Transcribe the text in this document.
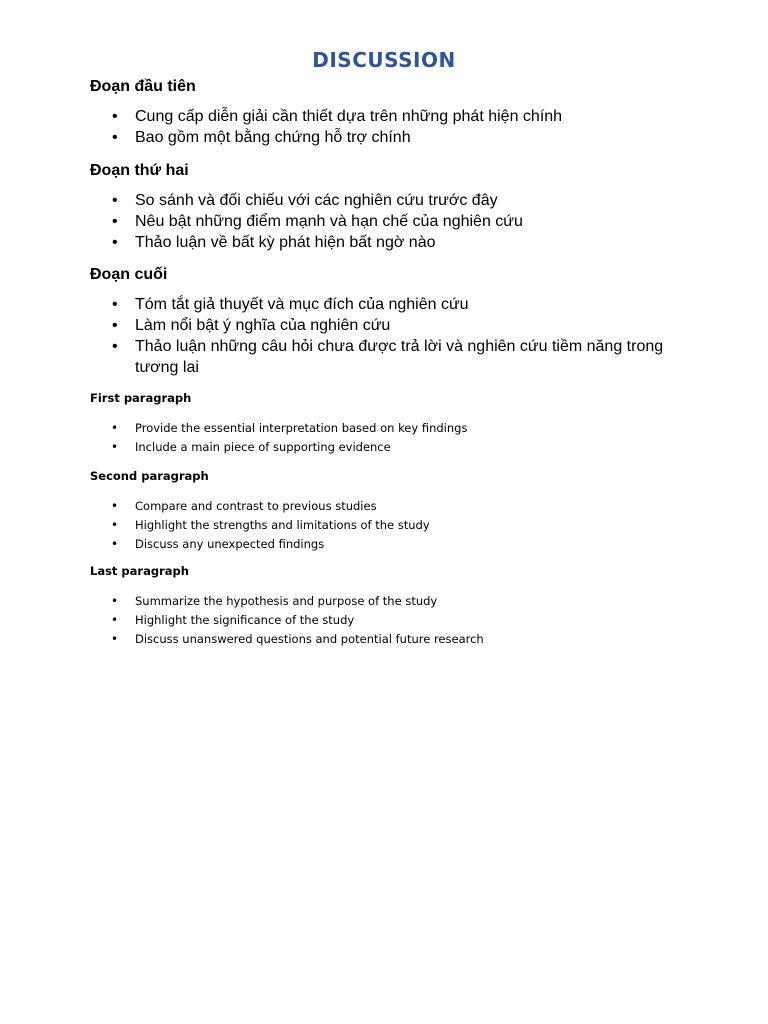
DISCUSSION

Đoạn đầu tiên

• Cung cấp diễn giải cần thiết dựa trên những phát hiện chính
• Bao gồm một bằng chứng hỗ trợ chính

Đoạn thứ hai

• So sánh và đối chiếu với các nghiên cứu trước đây
• Nêu bật những điểm mạnh và hạn chế của nghiên cứu
• Thảo luận về bất kỳ phát hiện bất ngờ nào

Đoạn cuối

• Tóm tắt giả thuyết và mục đích của nghiên cứu
• Làm nổi bật ý nghĩa của nghiên cứu
• Thảo luận những câu hỏi chưa được trả lời và nghiên cứu tiềm năng trong tương lai

First paragraph

• Provide the essential interpretation based on key findings
• Include a main piece of supporting evidence

Second paragraph

• Compare and contrast to previous studies
• Highlight the strengths and limitations of the study
• Discuss any unexpected findings

Last paragraph

• Summarize the hypothesis and purpose of the study
• Highlight the significance of the study
• Discuss unanswered questions and potential future research
